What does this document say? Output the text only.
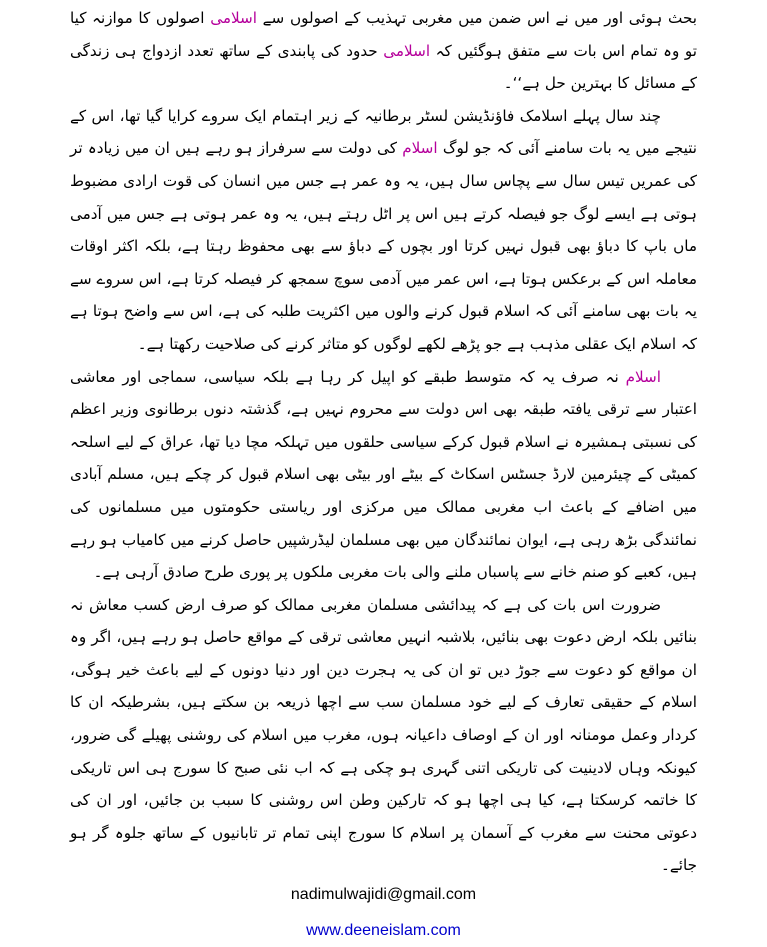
بحث ہوئی اور میں نے اس ضمن میں مغربی تہذیب کے اصولوں سے اسلامی اصولوں کا موازنہ کیا تو وہ تمام اس بات سے متفق ہوگئیں کہ اسلامی حدود کی پابندی کے ساتھ تعدد ازدواج ہی زندگی کے مسائل کا بہترین حل ہے‘‘۔

چند سال پہلے اسلامک فاؤنڈیشن لسٹر برطانیہ کے زیر اہتمام ایک سروے کرایا گیا تھا، اس کے نتیجے میں یہ بات سامنے آئی کہ جو لوگ اسلام کی دولت سے سرفراز ہو رہے ہیں ان میں زیادہ تر کی عمریں تیس سال سے پچاس سال ہیں، یہ وہ عمر ہے جس میں انسان کی قوت ارادی مضبوط ہوتی ہے ایسے لوگ جو فیصلہ کرتے ہیں اس پر اٹل رہتے ہیں، یہ وہ عمر ہوتی ہے جس میں آدمی ماں باپ کا دباؤ بھی قبول نہیں کرتا اور بچوں کے دباؤ سے بھی محفوظ رہتا ہے، بلکہ اکثر اوقات معاملہ اس کے برعکس ہوتا ہے، اس عمر میں آدمی سوچ سمجھ کر فیصلہ کرتا ہے، اس سروے سے یہ بات بھی سامنے آئی کہ اسلام قبول کرنے والوں میں اکثریت طلبہ کی ہے، اس سے واضح ہوتا ہے کہ اسلام ایک عقلی مذہب ہے جو پڑھے لکھے لوگوں کو متاثر کرنے کی صلاحیت رکھتا ہے۔

اسلام نہ صرف یہ کہ متوسط طبقے کو اپیل کر رہا ہے بلکہ سیاسی، سماجی اور معاشی اعتبار سے ترقی یافتہ طبقہ بھی اس دولت سے محروم نہیں ہے، گذشتہ دنوں برطانوی وزیر اعظم کی نسبتی ہمشیرہ نے اسلام قبول کرکے سیاسی حلقوں میں تہلکہ مچا دیا تھا، عراق کے لیے اسلحہ کمیٹی کے چیئرمین لارڈ جسٹس اسکاٹ کے بیٹے اور بیٹی بھی اسلام قبول کر چکے ہیں، مسلم آبادی میں اضافے کے باعث اب مغربی ممالک میں مرکزی اور ریاستی حکومتوں میں مسلمانوں کی نمائندگی بڑھ رہی ہے، ایوان نمائندگان میں بھی مسلمان لیڈرشپیں حاصل کرنے میں کامیاب ہو رہے ہیں، کعبے کو صنم خانے سے پاسباں ملنے والی بات مغربی ملکوں پر پوری طرح صادق آرہی ہے۔

ضرورت اس بات کی ہے کہ پیدائشی مسلمان مغربی ممالک کو صرف ارض کسب معاش نہ بنائیں بلکہ ارض دعوت بھی بنائیں، بلاشبہ انہیں معاشی ترقی کے مواقع حاصل ہو رہے ہیں، اگر وہ ان مواقع کو دعوت سے جوڑ دیں تو ان کی یہ ہجرت دین اور دنیا دونوں کے لیے باعث خیر ہوگی، اسلام کے حقیقی تعارف کے لیے خود مسلمان سب سے اچھا ذریعہ بن سکتے ہیں، بشرطیکہ ان کا کردار وعمل مومنانہ اور ان کے اوصاف داعیانہ ہوں، مغرب میں اسلام کی روشنی پھیلے گی ضرور، کیونکہ وہاں لادینیت کی تاریکی اتنی گہری ہو چکی ہے کہ اب نئی صبح کا سورج ہی اس تاریکی کا خاتمہ کرسکتا ہے، کیا ہی اچھا ہو کہ تارکین وطن اس روشنی کا سبب بن جائیں، اور ان کی دعوتی محنت سے مغرب کے آسمان پر اسلام کا سورج اپنی تمام تر تابانیوں کے ساتھ جلوہ گر ہو جائے۔

nadimulwajidi@gmail.com
www.deeneislam.com
